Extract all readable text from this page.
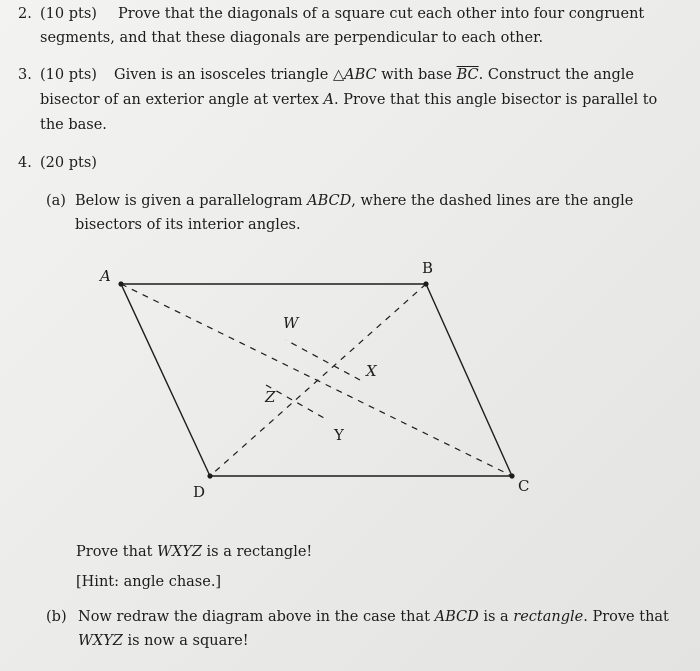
2. (10 pts) Prove that the diagonals of a square cut each other into four congruent
segments, and that these diagonals are perpendicular to each other.
3. (10 pts) Given is an isosceles triangle △ABC with base $\overline{BC}$. Construct the angle
bisector of an exterior angle at vertex A. Prove that this angle bisector is parallel to
the base.
4. (20 pts)
(a) Below is given a parallelogram ABCD, where the dashed lines are the angle
bisectors of its interior angles.
A	B
C
D
W
X
Y
Z
Prove that WXYZ is a rectangle!
[Hint: angle chase.]
(b) Now redraw the diagram above in the case that ABCD is a rectangle. Prove that
WXYZ is now a square!
